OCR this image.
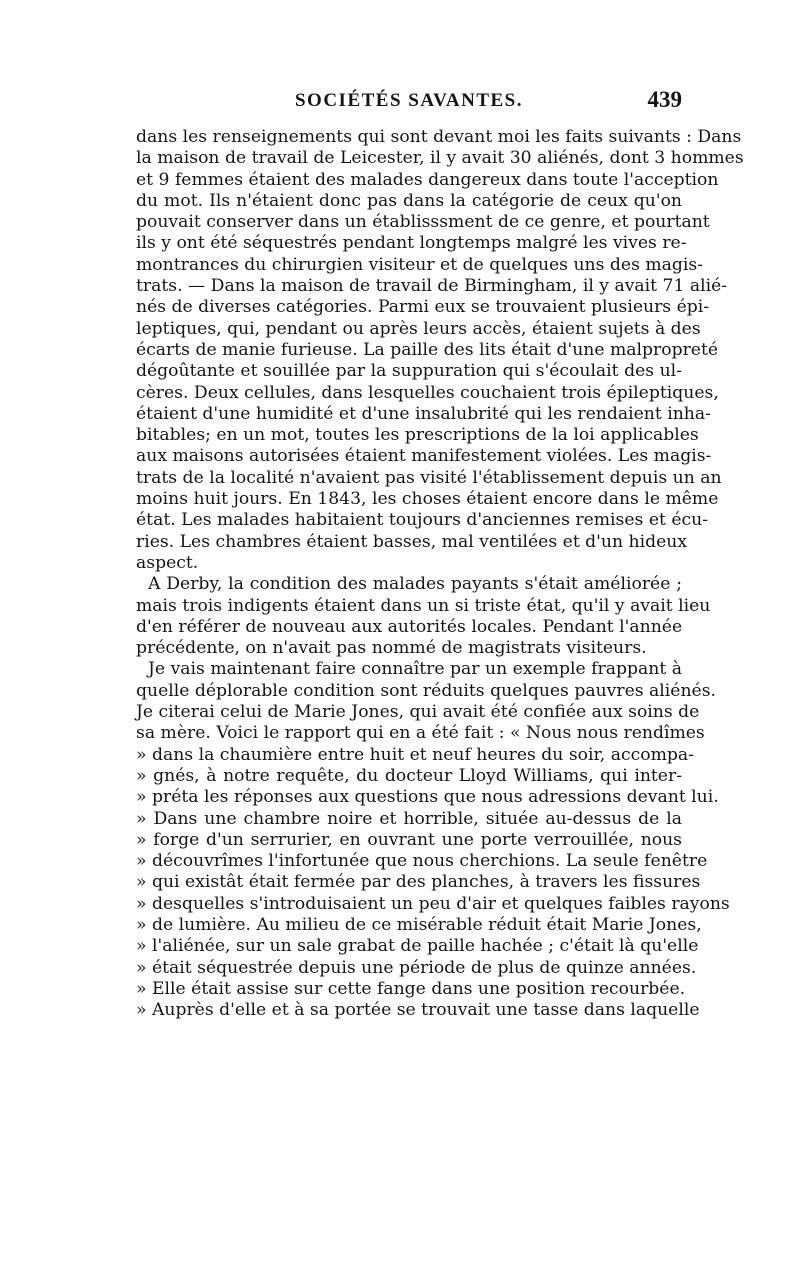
SOCIÉTÉS SAVANTES.	439
dans les renseignements qui sont devant moi les faits suivants : Dans
la maison de travail de Leicester, il y avait 30 aliénés, dont 3 hommes
et 9 femmes étaient des malades dangereux dans toute l'acception
du mot. Ils n'étaient donc pas dans la catégorie de ceux qu'on
pouvait conserver dans un établisssment de ce genre, et pourtant
ils y ont été séquestrés pendant longtemps malgré les vives re-
montrances du chirurgien visiteur et de quelques uns des magis-
trats. — Dans la maison de travail de Birmingham, il y avait 71 alié-
nés de diverses catégories. Parmi eux se trouvaient plusieurs épi-
leptiques, qui, pendant ou après leurs accès, étaient sujets à des
écarts de manie furieuse. La paille des lits était d'une malpropreté
dégoûtante et souillée par la suppuration qui s'écoulait des ul-
cères. Deux cellules, dans lesquelles couchaient trois épileptiques,
étaient d'une humidité et d'une insalubrité qui les rendaient inha-
bitables; en un mot, toutes les prescriptions de la loi applicables
aux maisons autorisées étaient manifestement violées. Les magis-
trats de la localité n'avaient pas visité l'établissement depuis un an
moins huit jours. En 1843, les choses étaient encore dans le même
état. Les malades habitaient toujours d'anciennes remises et écu-
ries. Les chambres étaient basses, mal ventilées et d'un hideux
aspect.
A Derby, la condition des malades payants s'était améliorée ;
mais trois indigents étaient dans un si triste état, qu'il y avait lieu
d'en référer de nouveau aux autorités locales. Pendant l'année
précédente, on n'avait pas nommé de magistrats visiteurs.
Je vais maintenant faire connaître par un exemple frappant à
quelle déplorable condition sont réduits quelques pauvres aliénés.
Je citerai celui de Marie Jones, qui avait été confiée aux soins de
sa mère. Voici le rapport qui en a été fait : « Nous nous rendîmes
» dans la chaumière entre huit et neuf heures du soir, accompa-
» gnés, à notre requête, du docteur Lloyd Williams, qui inter-
» préta les réponses aux questions que nous adressions devant lui.
» Dans une chambre noire et horrible, située au-dessus de la
» forge d'un serrurier, en ouvrant une porte verrouillée, nous
» découvrîmes l'infortunée que nous cherchions. La seule fenêtre
» qui existât était fermée par des planches, à travers les fissures
» desquelles s'introduisaient un peu d'air et quelques faibles rayons
» de lumière. Au milieu de ce misérable réduit était Marie Jones,
» l'aliénée, sur un sale grabat de paille hachée ; c'était là qu'elle
» était séquestrée depuis une période de plus de quinze années.
» Elle était assise sur cette fange dans une position recourbée.
» Auprès d'elle et à sa portée se trouvait une tasse dans laquelle
